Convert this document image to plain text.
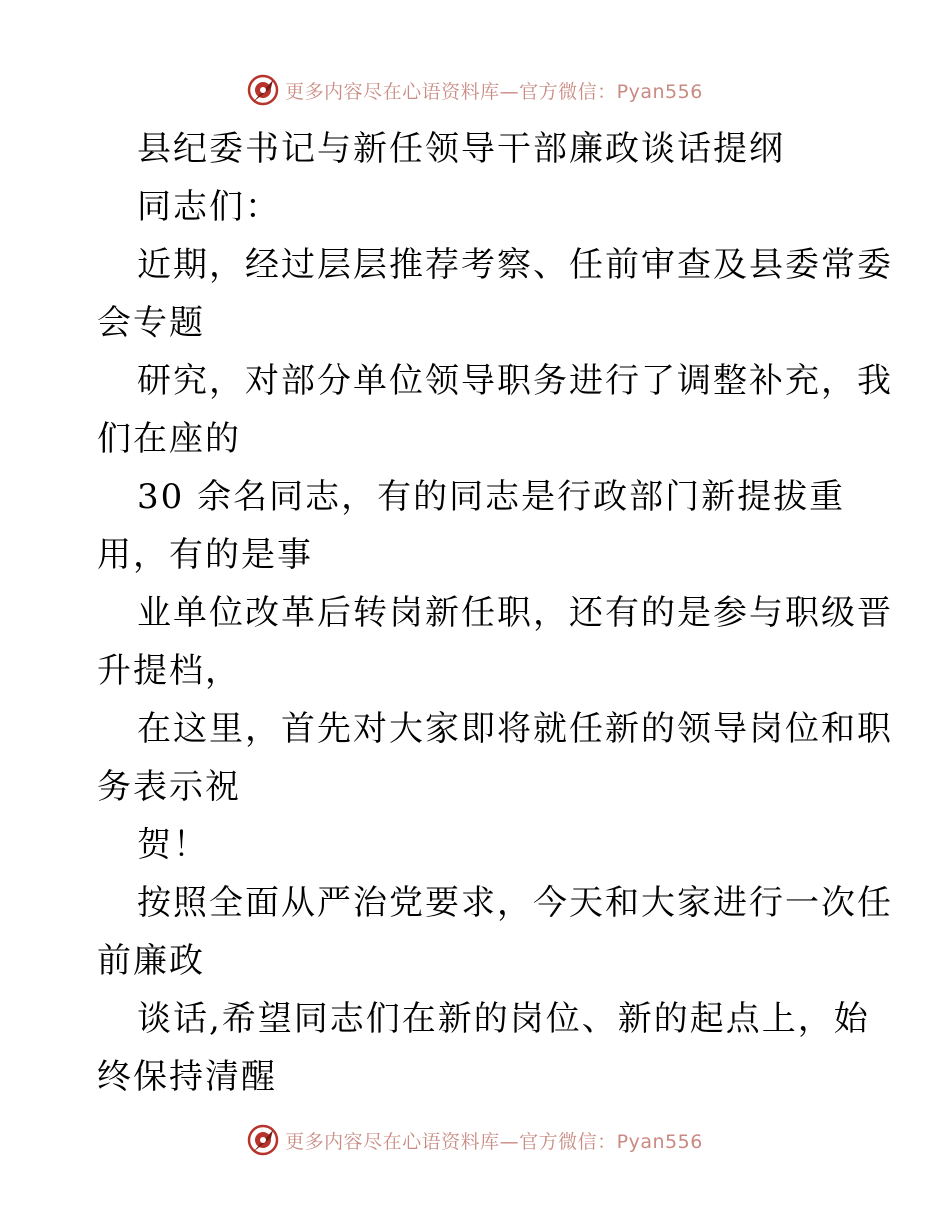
更多内容尽在心语资料库—官方微信：Pyan556
县纪委书记与新任领导干部廉政谈话提纲
同志们：
近期，经过层层推荐考察、任前审查及县委常委
会专题
研究，对部分单位领导职务进行了调整补充，我
们在座的
30 余名同志，有的同志是行政部门新提拔重
用，有的是事
业单位改革后转岗新任职，还有的是参与职级晋
升提档，
在这里，首先对大家即将就任新的领导岗位和职
务表示祝
贺！
按照全面从严治党要求，今天和大家进行一次任
前廉政
谈话,希望同志们在新的岗位、新的起点上，始
终保持清醒
更多内容尽在心语资料库—官方微信：Pyan556
